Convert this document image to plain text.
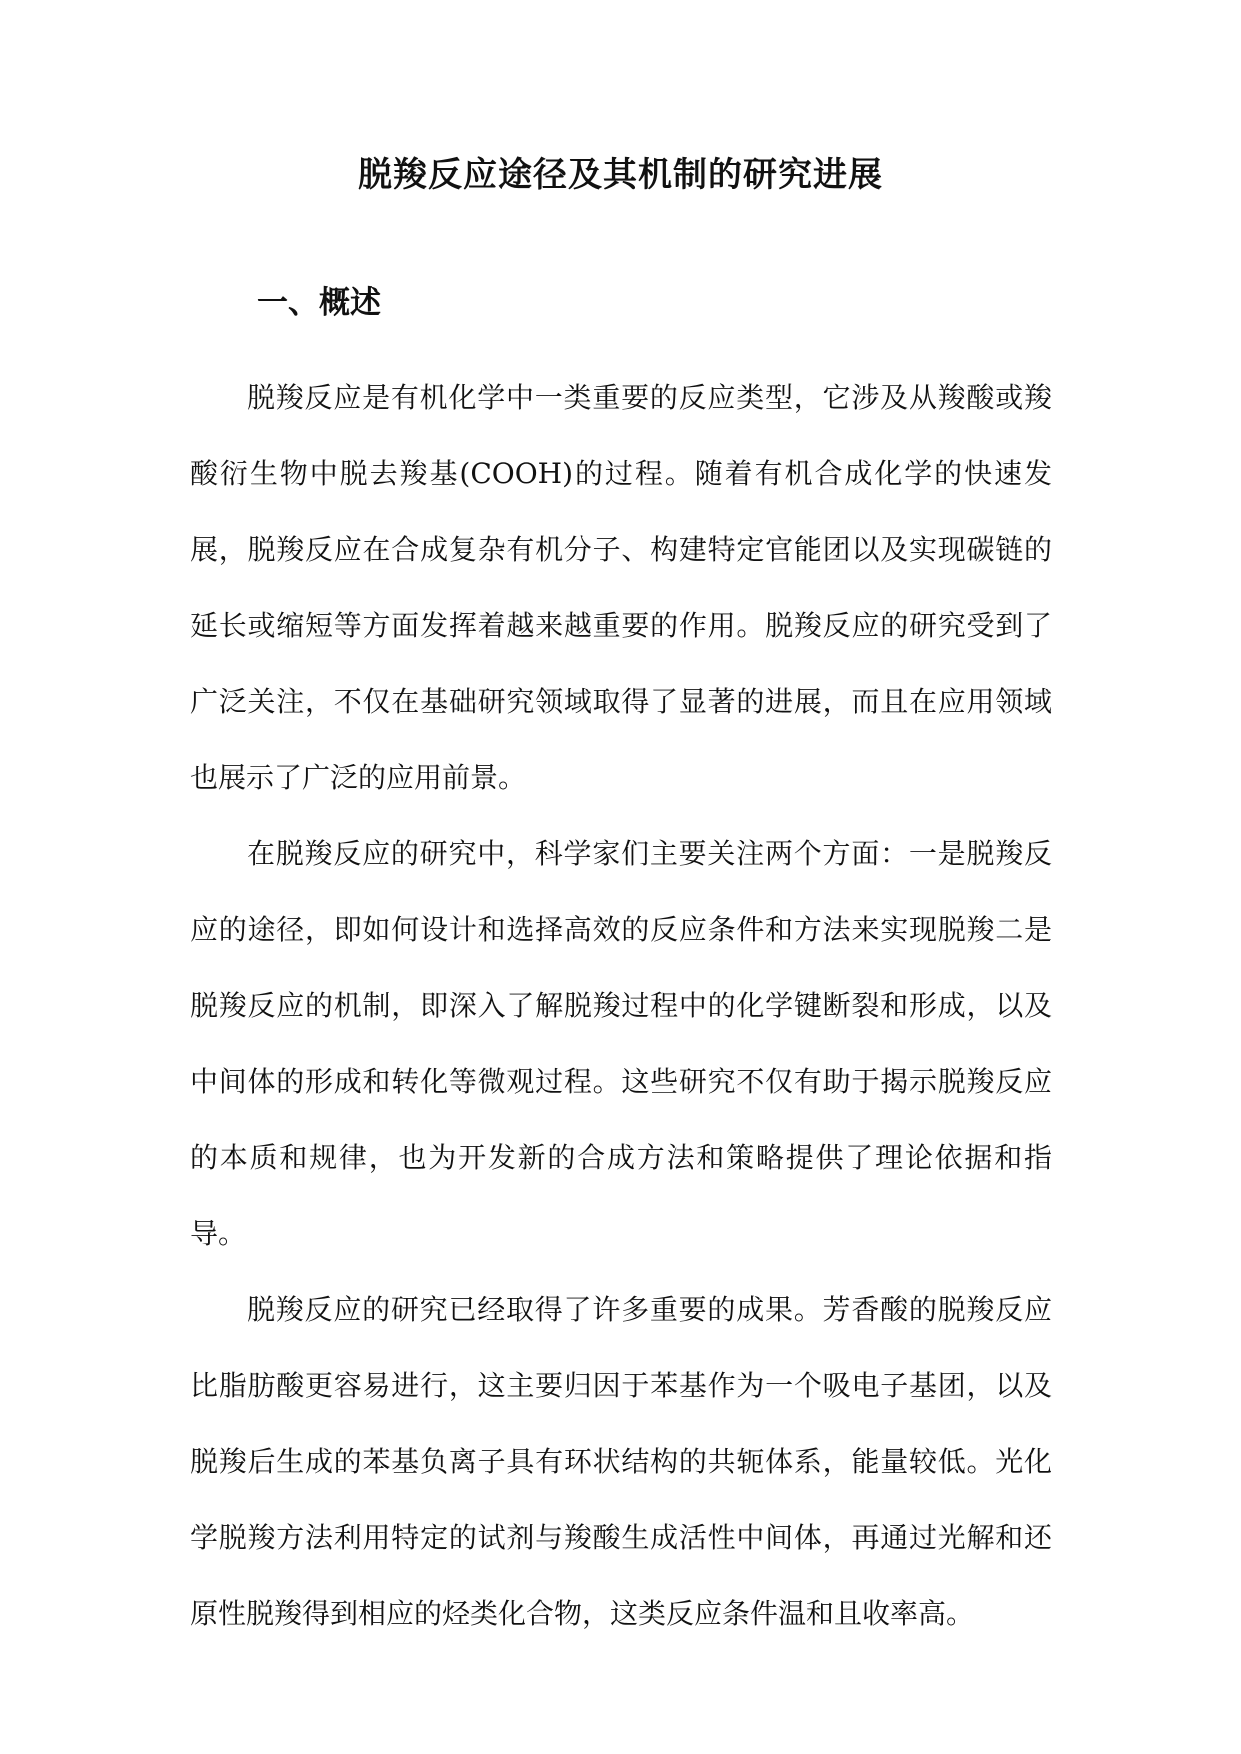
脱羧反应途径及其机制的研究进展
一、概述

脱羧反应是有机化学中一类重要的反应类型，它涉及从羧酸或羧酸衍生物中脱去羧基(COOH)的过程。随着有机合成化学的快速发展，脱羧反应在合成复杂有机分子、构建特定官能团以及实现碳链的延长或缩短等方面发挥着越来越重要的作用。脱羧反应的研究受到了广泛关注，不仅在基础研究领域取得了显著的进展，而且在应用领域也展示了广泛的应用前景。

在脱羧反应的研究中，科学家们主要关注两个方面：一是脱羧反应的途径，即如何设计和选择高效的反应条件和方法来实现脱羧二是脱羧反应的机制，即深入了解脱羧过程中的化学键断裂和形成，以及中间体的形成和转化等微观过程。这些研究不仅有助于揭示脱羧反应的本质和规律，也为开发新的合成方法和策略提供了理论依据和指导。

脱羧反应的研究已经取得了许多重要的成果。芳香酸的脱羧反应比脂肪酸更容易进行，这主要归因于苯基作为一个吸电子基团，以及脱羧后生成的苯基负离子具有环状结构的共轭体系，能量较低。光化学脱羧方法利用特定的试剂与羧酸生成活性中间体，再通过光解和还原性脱羧得到相应的烃类化合物，这类反应条件温和且收率高。
